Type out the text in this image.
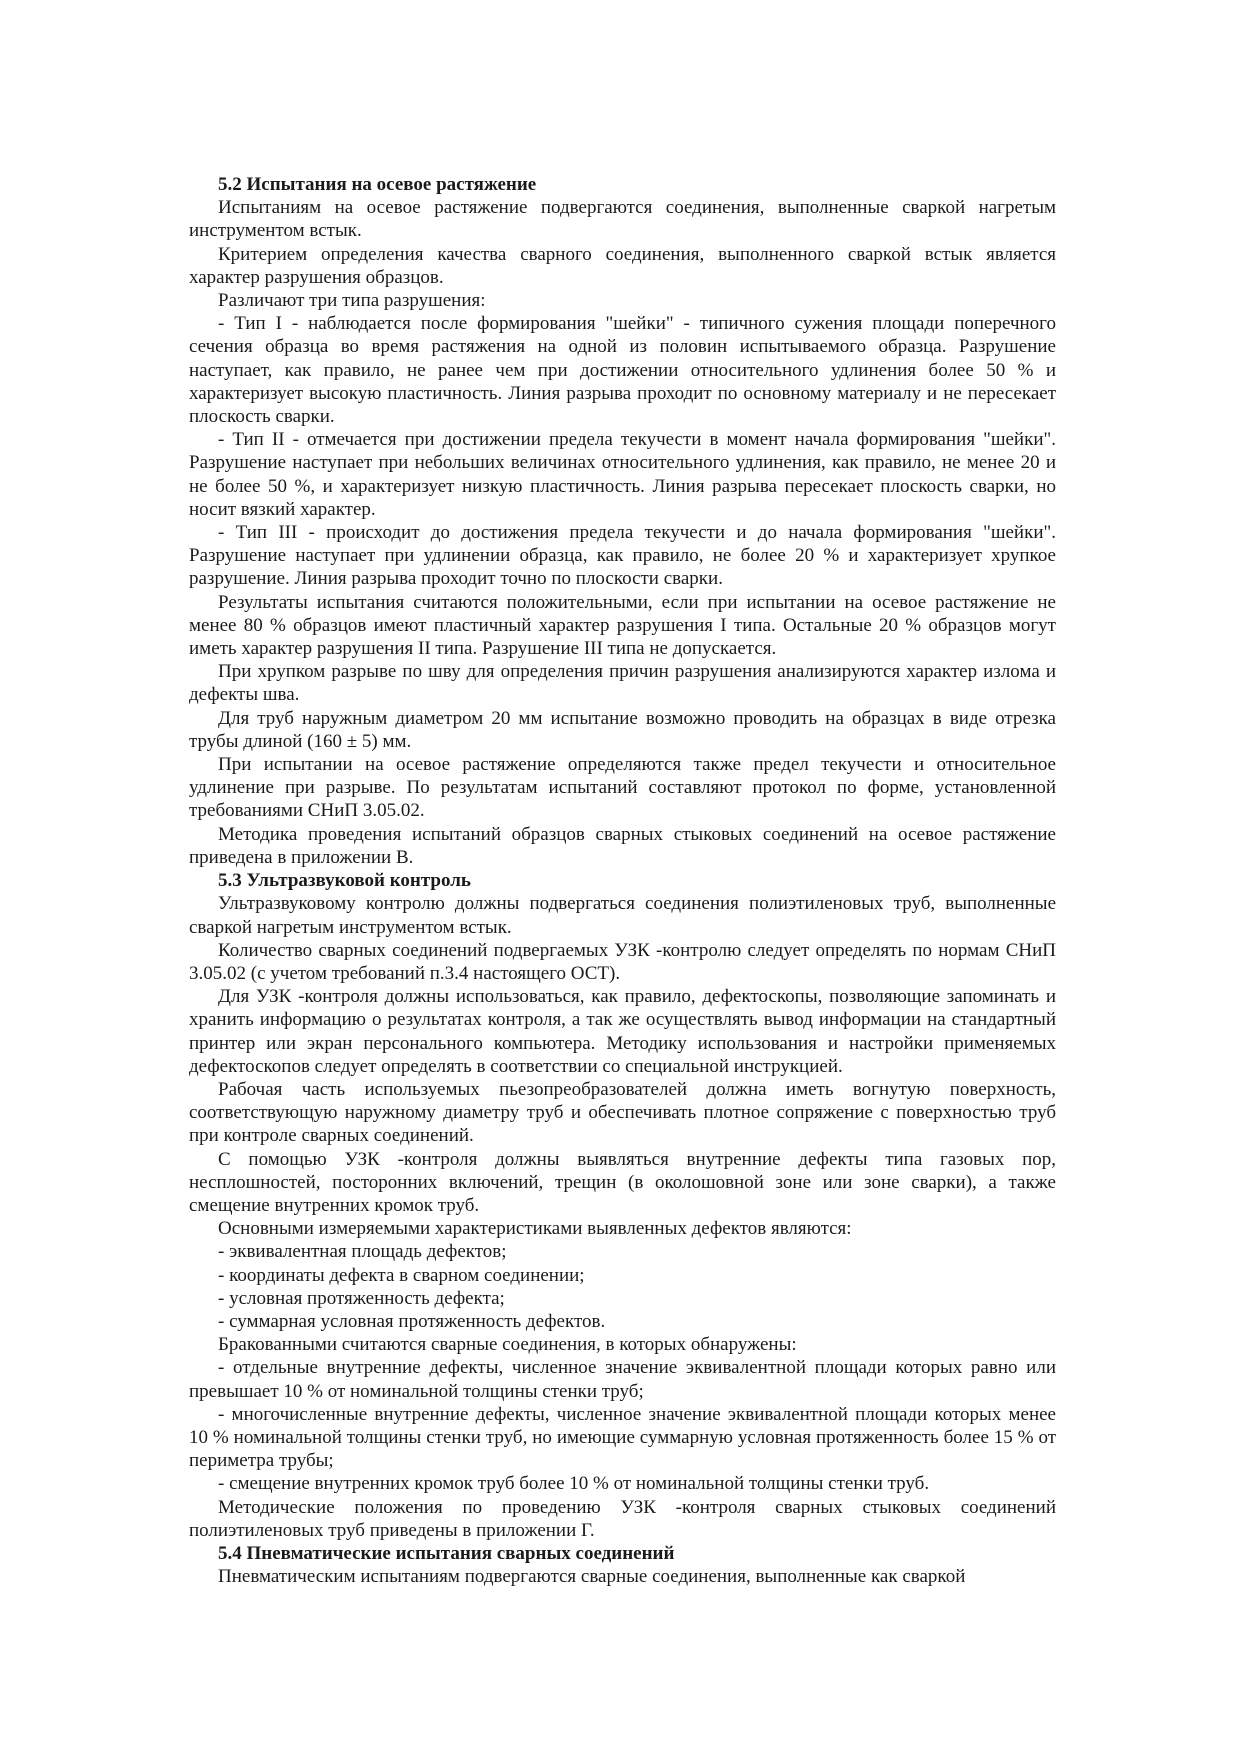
5.2 Испытания на осевое растяжение

Испытаниям на осевое растяжение подвергаются соединения, выполненные сваркой нагретым инструментом встык.

Критерием определения качества сварного соединения, выполненного сваркой встык является характер разрушения образцов.

Различают три типа разрушения:

- Тип I - наблюдается после формирования "шейки" - типичного сужения площади поперечного сечения образца во время растяжения на одной из половин испытываемого образца. Разрушение наступает, как правило, не ранее чем при достижении относительного удлинения более 50 % и характеризует высокую пластичность. Линия разрыва проходит по основному материалу и не пересекает плоскость сварки.

- Тип II - отмечается при достижении предела текучести в момент начала формирования "шейки". Разрушение наступает при небольших величинах относительного удлинения, как правило, не менее 20 и не более 50 %, и характеризует низкую пластичность. Линия разрыва пересекает плоскость сварки, но носит вязкий характер.

- Тип III - происходит до достижения предела текучести и до начала формирования "шейки". Разрушение наступает при удлинении образца, как правило, не более 20 % и характеризует хрупкое разрушение. Линия разрыва проходит точно по плоскости сварки.

Результаты испытания считаются положительными, если при испытании на осевое растяжение не менее 80 % образцов имеют пластичный характер разрушения I типа. Остальные 20 % образцов могут иметь характер разрушения II типа. Разрушение III типа не допускается.

При хрупком разрыве по шву для определения причин разрушения анализируются характер излома и дефекты шва.

Для труб наружным диаметром 20 мм испытание возможно проводить на образцах в виде отрезка трубы длиной (160 ± 5) мм.

При испытании на осевое растяжение определяются также предел текучести и относительное удлинение при разрыве. По результатам испытаний составляют протокол по форме, установленной требованиями СНиП 3.05.02.

Методика проведения испытаний образцов сварных стыковых соединений на осевое растяжение приведена в приложении В.

5.3 Ультразвуковой контроль

Ультразвуковому контролю должны подвергаться соединения полиэтиленовых труб, выполненные сваркой нагретым инструментом встык.

Количество сварных соединений подвергаемых УЗК -контролю следует определять по нормам СНиП 3.05.02 (с учетом требований п.3.4 настоящего ОСТ).

Для УЗК -контроля должны использоваться, как правило, дефектоскопы, позволяющие запоминать и хранить информацию о результатах контроля, а так же осуществлять вывод информации на стандартный принтер или экран персонального компьютера. Методику использования и настройки применяемых дефектоскопов следует определять в соответствии со специальной инструкцией.

Рабочая часть используемых пьезопреобразователей должна иметь вогнутую поверхность, соответствующую наружному диаметру труб и обеспечивать плотное сопряжение с поверхностью труб при контроле сварных соединений.

С помощью УЗК -контроля должны выявляться внутренние дефекты типа газовых пор, несплошностей, посторонних включений, трещин (в околошовной зоне или зоне сварки), а также смещение внутренних кромок труб.

Основными измеряемыми характеристиками выявленных дефектов являются:

- эквивалентная площадь дефектов;

- координаты дефекта в сварном соединении;

- условная протяженность дефекта;

- суммарная условная протяженность дефектов.

Бракованными считаются сварные соединения, в которых обнаружены:

- отдельные внутренние дефекты, численное значение эквивалентной площади которых равно или превышает 10 % от номинальной толщины стенки труб;

- многочисленные внутренние дефекты, численное значение эквивалентной площади которых менее 10 % номинальной толщины стенки труб, но имеющие суммарную условная протяженность более 15 % от периметра трубы;

- смещение внутренних кромок труб более 10 % от номинальной толщины стенки труб.

Методические положения по проведению УЗК -контроля сварных стыковых соединений полиэтиленовых труб приведены в приложении Г.

5.4 Пневматические испытания сварных соединений

Пневматическим испытаниям подвергаются сварные соединения, выполненные как сваркой
